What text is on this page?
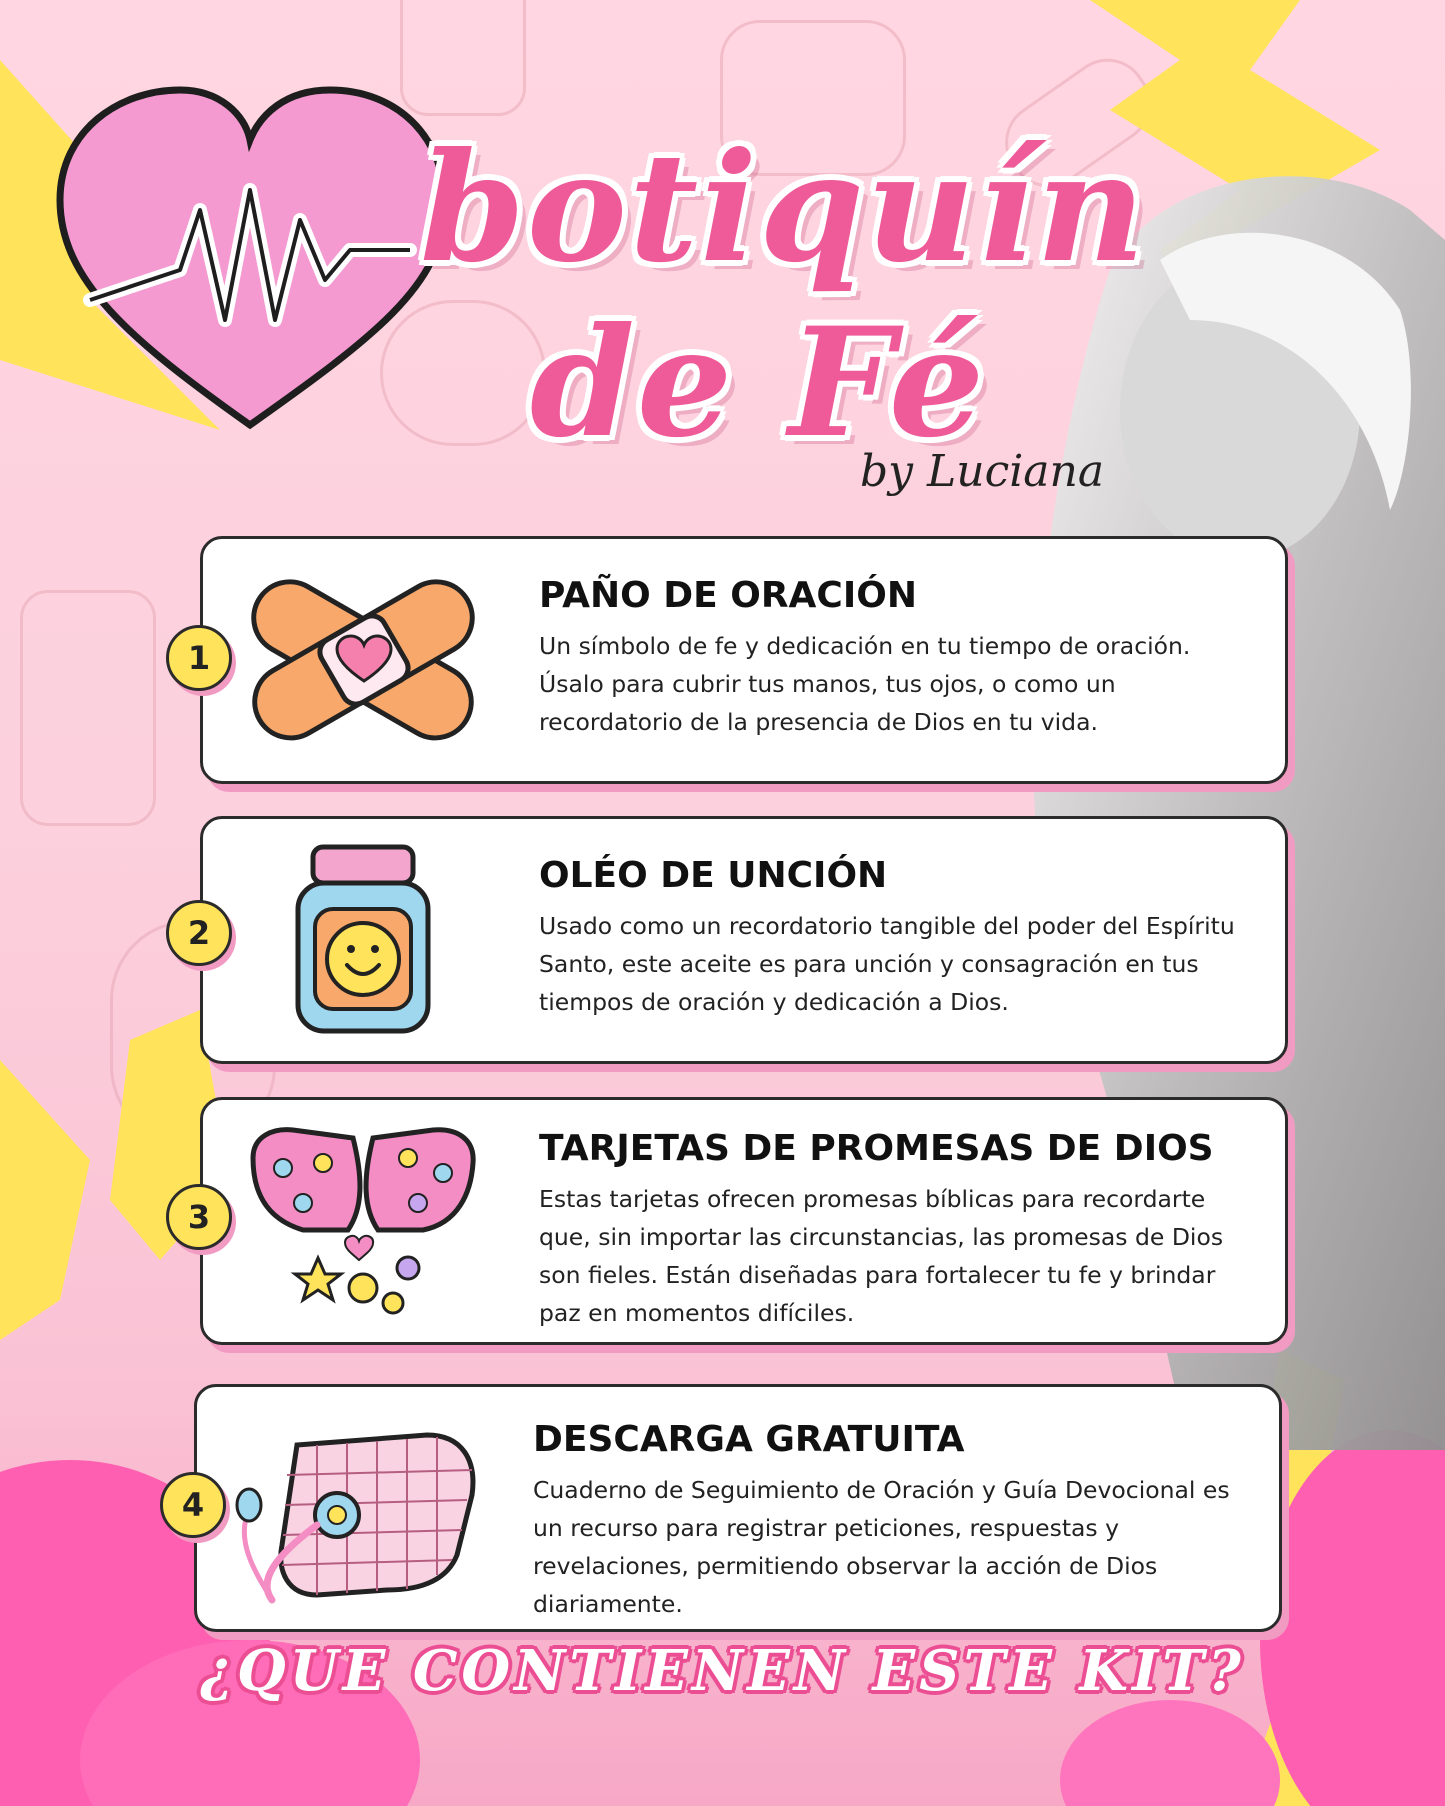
botiquín
de Fé
by Luciana
PAÑO DE ORACIÓN
Un símbolo de fe y dedicación en tu tiempo de oración. Úsalo para cubrir tus manos, tus ojos, o como un recordatorio de la presencia de Dios en tu vida.
1
OLÉO DE UNCIÓN
Usado como un recordatorio tangible del poder del Espíritu Santo, este aceite es para unción y consagración en tus tiempos de oración y dedicación a Dios.
2
TARJETAS DE PROMESAS DE DIOS
Estas tarjetas ofrecen promesas bíblicas para recordarte que, sin importar las circunstancias, las promesas de Dios son fieles. Están diseñadas para fortalecer tu fe y brindar paz en momentos difíciles.
3
DESCARGA GRATUITA
Cuaderno de Seguimiento de Oración y Guía Devocional es un recurso para registrar peticiones, respuestas y revelaciones, permitiendo observar la acción de Dios diariamente.
4
¿QUE CONTIENEN ESTE KIT?
